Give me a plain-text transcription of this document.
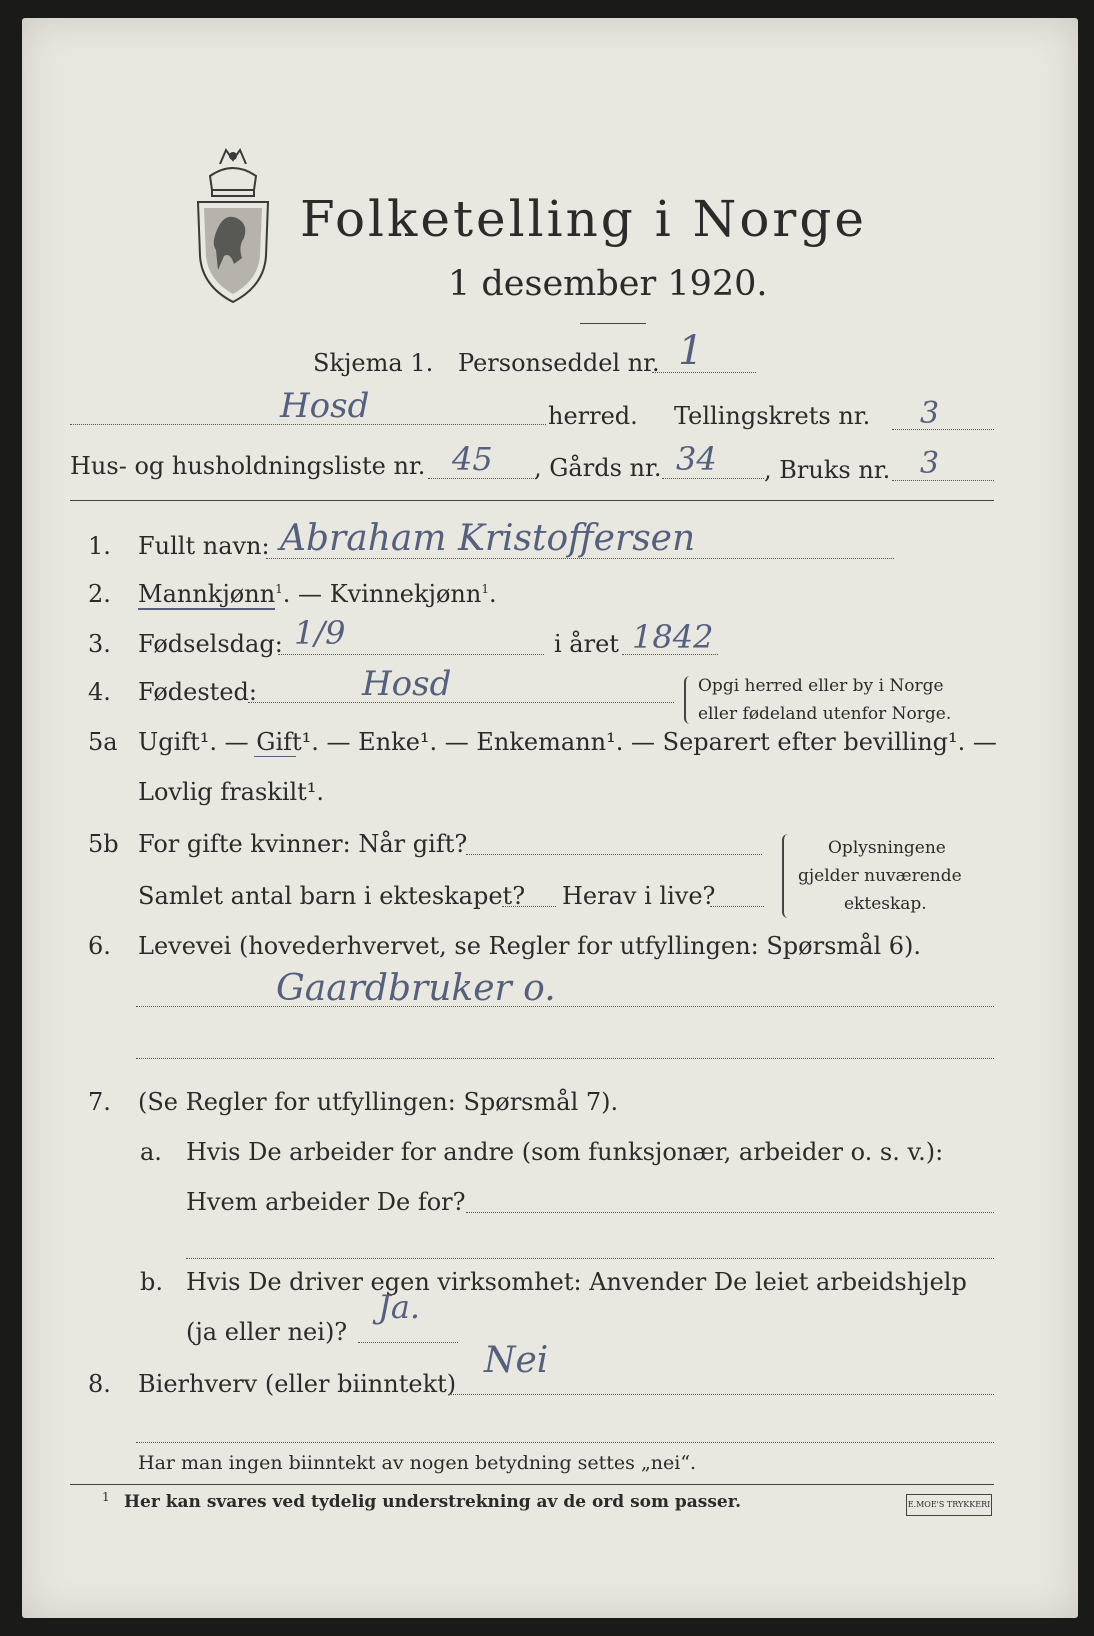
Folketelling i Norge
1 desember 1920.
Skjema 1. Personseddel nr. 1
Hosd	herred. Tellingskrets nr. 3
Hus- og husholdningsliste nr. 45 , Gårds nr. 34 , Bruks nr. 3
1. Fullt navn: Abraham Kristoffersen
2. Mannkjønn$^1$. — Kvinnekjønn$^1$.
3. Fødselsdag: 1/9	i året 1842
4. Fødested:	Hosd	Opgi herred eller by i Norge
eller fødeland utenfor Norge.
5a Ugift¹. — Gift¹. — Enke¹. — Enkemann¹. — Separert efter bevilling¹. —
Lovlig fraskilt¹.
5b For gifte kvinner: Når gift?
Samlet antal barn i ekteskapet? Herav i live?
Oplysningene
gjelder nuværende
ekteskap.
6. Levevei (hovederhvervet, se Regler for utfyllingen: Spørsmål 6).
Gaardbruker o.
7. (Se Regler for utfyllingen: Spørsmål 7).
a. Hvis De arbeider for andre (som funksjonær, arbeider o. s. v.):
Hvem arbeider De for?
b. Hvis De driver egen virksomhet: Anvender De leiet arbeidshjelp
(ja eller nei)?
Ja.
8. Bierhverv (eller biinntekt)
Nei
Har man ingen biinntekt av nogen betydning settes „nei“.
1 Her kan svares ved tydelig understrekning av de ord som passer.	E.MOE'S TRYKKERI
